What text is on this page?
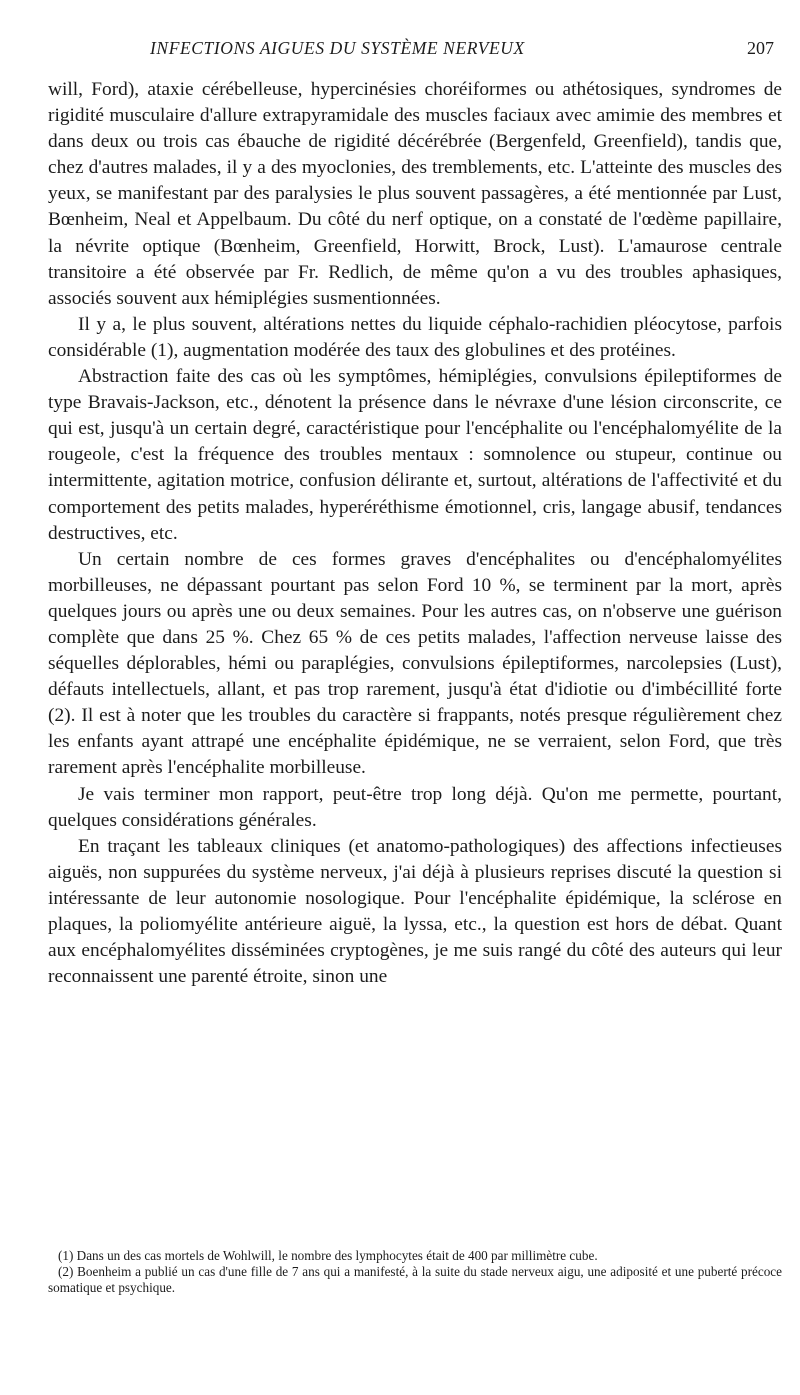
INFECTIONS AIGUES DU SYSTÈME NERVEUX	207

will, Ford), ataxie cérébelleuse, hypercinésies choréiformes ou athétosiques, syndromes de rigidité musculaire d'allure extrapyramidale des muscles faciaux avec amimie des membres et dans deux ou trois cas ébauche de rigidité décérébrée (Bergenfeld, Greenfield), tandis que, chez d'autres malades, il y a des myoclonies, des tremblements, etc. L'atteinte des muscles des yeux, se manifestant par des paralysies le plus souvent passagères, a été mentionnée par Lust, Bœnheim, Neal et Appelbaum. Du côté du nerf optique, on a constaté de l'œdème papillaire, la névrite optique (Bœnheim, Greenfield, Horwitt, Brock, Lust). L'amaurose centrale transitoire a été observée par Fr. Redlich, de même qu'on a vu des troubles aphasiques, associés souvent aux hémiplégies susmentionnées.

Il y a, le plus souvent, altérations nettes du liquide céphalo-rachidien pléocytose, parfois considérable (1), augmentation modérée des taux des globulines et des protéines.

Abstraction faite des cas où les symptômes, hémiplégies, convulsions épileptiformes de type Bravais-Jackson, etc., dénotent la présence dans le névraxe d'une lésion circonscrite, ce qui est, jusqu'à un certain degré, caractéristique pour l'encéphalite ou l'encéphalomyélite de la rougeole, c'est la fréquence des troubles mentaux : somnolence ou stupeur, continue ou intermittente, agitation motrice, confusion délirante et, surtout, altérations de l'affectivité et du comportement des petits malades, hyperéréthisme émotionnel, cris, langage abusif, tendances destructives, etc.

Un certain nombre de ces formes graves d'encéphalites ou d'encéphalomyélites morbilleuses, ne dépassant pourtant pas selon Ford 10 %, se terminent par la mort, après quelques jours ou après une ou deux semaines. Pour les autres cas, on n'observe une guérison complète que dans 25 %. Chez 65 % de ces petits malades, l'affection nerveuse laisse des séquelles déplorables, hémi ou paraplégies, convulsions épileptiformes, narcolepsies (Lust), défauts intellectuels, allant, et pas trop rarement, jusqu'à état d'idiotie ou d'imbécillité forte (2). Il est à noter que les troubles du caractère si frappants, notés presque régulièrement chez les enfants ayant attrapé une encéphalite épidémique, ne se verraient, selon Ford, que très rarement après l'encéphalite morbilleuse.

Je vais terminer mon rapport, peut-être trop long déjà. Qu'on me permette, pourtant, quelques considérations générales.

En traçant les tableaux cliniques (et anatomo-pathologiques) des affections infectieuses aiguës, non suppurées du système nerveux, j'ai déjà à plusieurs reprises discuté la question si intéressante de leur autonomie nosologique. Pour l'encéphalite épidémique, la sclérose en plaques, la poliomyélite antérieure aiguë, la lyssa, etc., la question est hors de débat. Quant aux encéphalomyélites disséminées cryptogènes, je me suis rangé du côté des auteurs qui leur reconnaissent une parenté étroite, sinon une

(1) Dans un des cas mortels de Wohlwill, le nombre des lymphocytes était de 400 par millimètre cube.

(2) Boenheim a publié un cas d'une fille de 7 ans qui a manifesté, à la suite du stade nerveux aigu, une adiposité et une puberté précoce somatique et psychique.
